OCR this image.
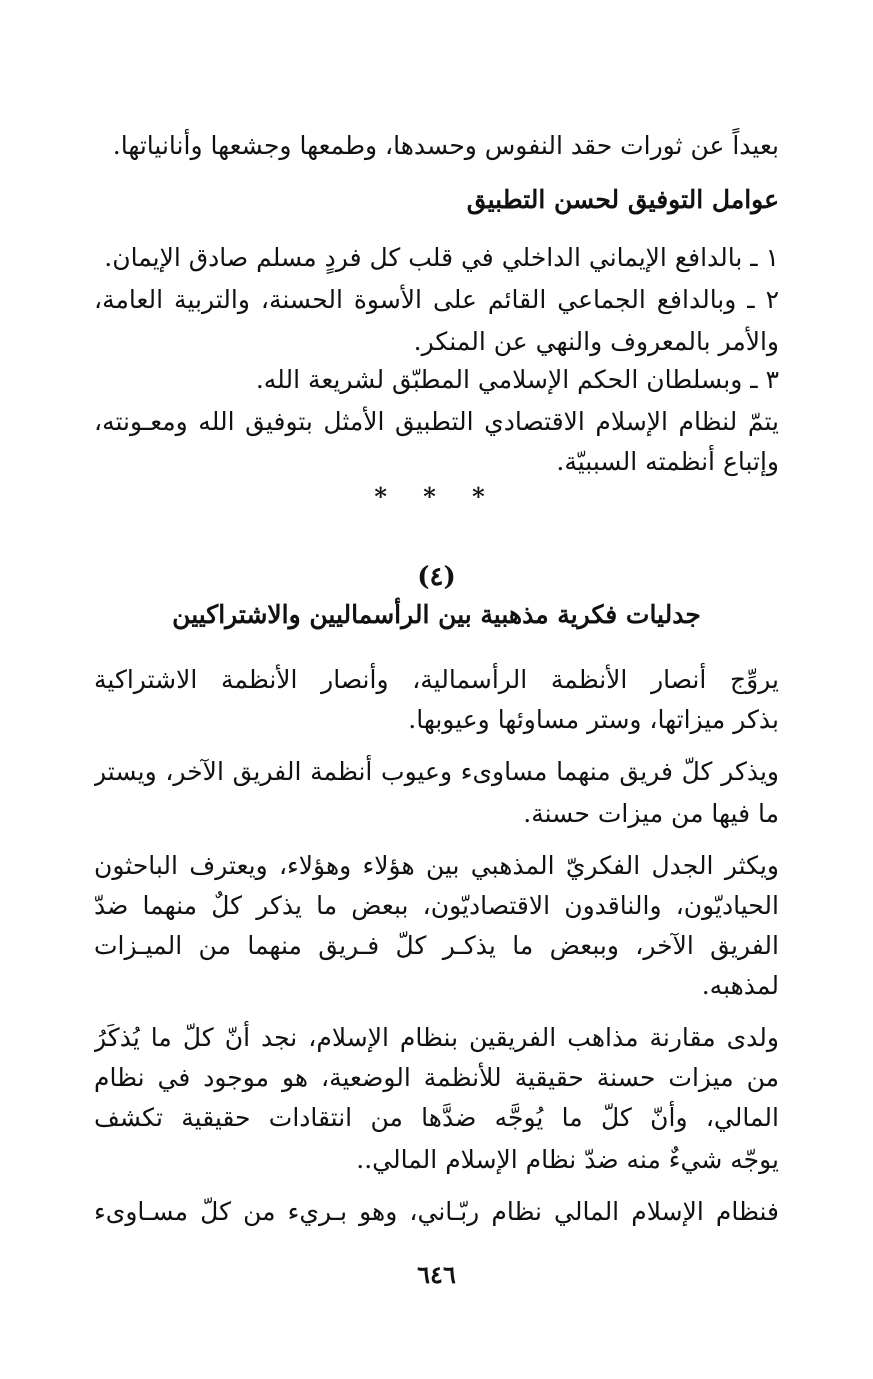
بعيداً عن ثورات حقد النفوس وحسدها، وطمعها وجشعها وأنانياتها.
عوامل التوفيق لحسن التطبيق
١ ـ بالدافع الإيماني الداخلي في قلب كل فردٍ مسلم صادق الإيمان.
٢ ـ وبالدافع الجماعي القائم على الأسوة الحسنة، والتربية العامة،
والأمر بالمعروف والنهي عن المنكر.
٣ ـ وبسلطان الحكم الإسلامي المطبّق لشريعة الله.
يتمّ لنظام الإسلام الاقتصادي التطبيق الأمثل بتوفيق الله ومعـونته،
وإتباع أنظمته السببيّة.
* * *
(٤)
جدليات فكرية مذهبية بين الرأسماليين والاشتراكيين
يروِّج أنصار الأنظمة الرأسمالية، وأنصار الأنظمة الاشتراكية
بذكر ميزاتها، وستر مساوئها وعيوبها.
ويذكر كلّ فريق منهما مساوىء وعيوب أنظمة الفريق الآخر، ويستر
ما فيها من ميزات حسنة.
ويكثر الجدل الفكريّ المذهبي بين هؤلاء وهؤلاء، ويعترف الباحثون
الحياديّون، والناقدون الاقتصاديّون، ببعض ما يذكر كلٌ منهما ضدّ
الفريق الآخر، وببعض ما يذكـر كلّ فـريق منهما من الميـزات
لمذهبه.
ولدى مقارنة مذاهب الفريقين بنظام الإسلام، نجد أنّ كلّ ما يُذكَرُ
من ميزات حسنة حقيقية للأنظمة الوضعية، هو موجود في نظام
المالي، وأنّ كلّ ما يُوجَّه ضدَّها من انتقادات حقيقية تكشف
يوجّه شيءٌ منه ضدّ نظام الإسلام المالي..
فنظام الإسلام المالي نظام ربّـاني، وهو بـريء من كلّ مسـاوىء
٦٤٦
